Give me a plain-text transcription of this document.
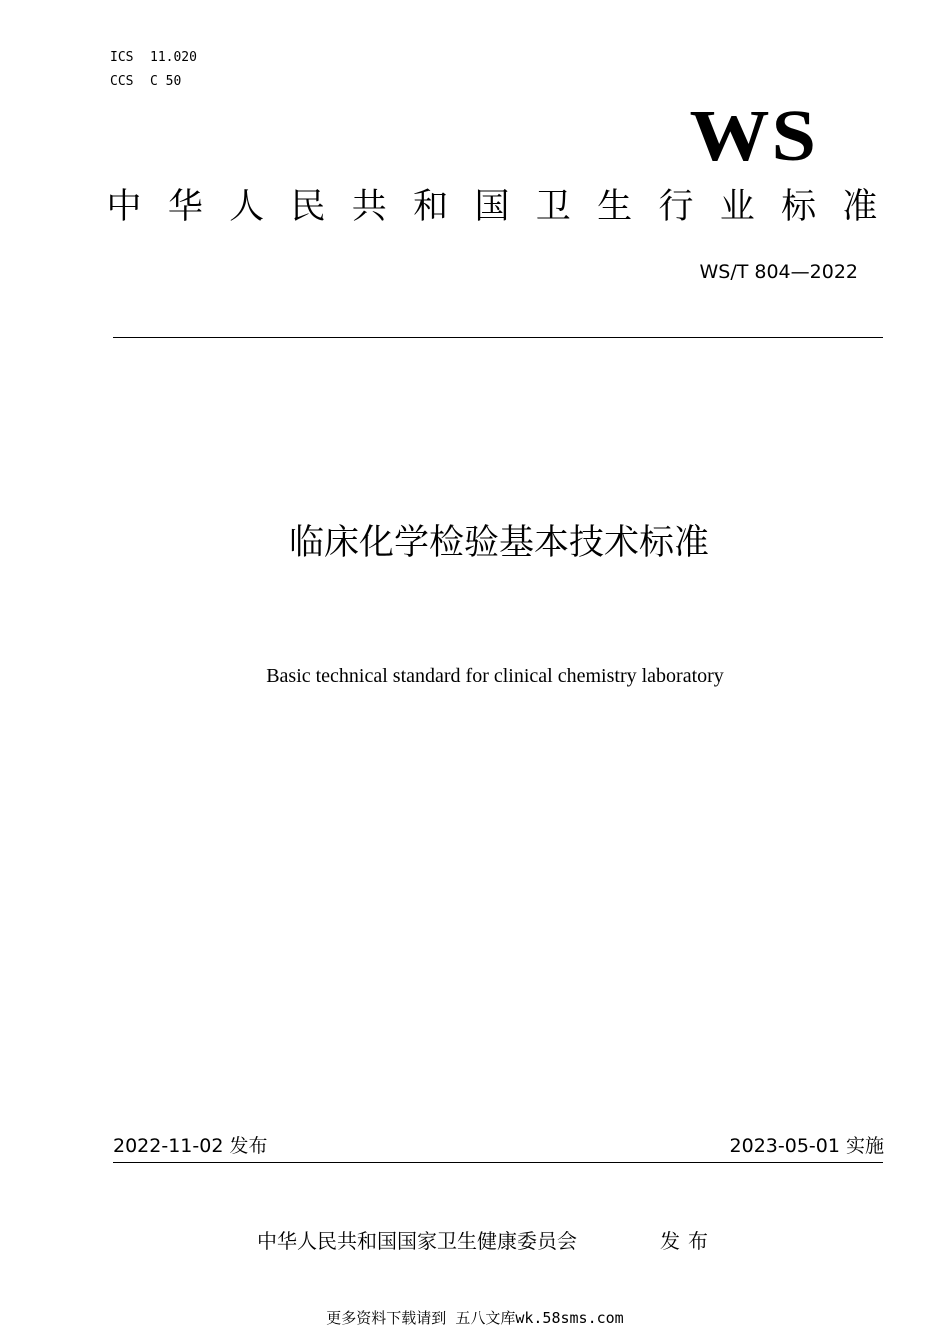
ICS 11.020
CCS C 50
WS
中 华 人 民 共 和 国 卫 生 行 业 标 准
WS/T 804—2022
临床化学检验基本技术标准
Basic technical standard for clinical chemistry laboratory
2022-11-02 发布	2023-05-01 实施
中华人民共和国国家卫生健康委员会	发布
更多资料下载请到 五八文库wk.58sms.com
